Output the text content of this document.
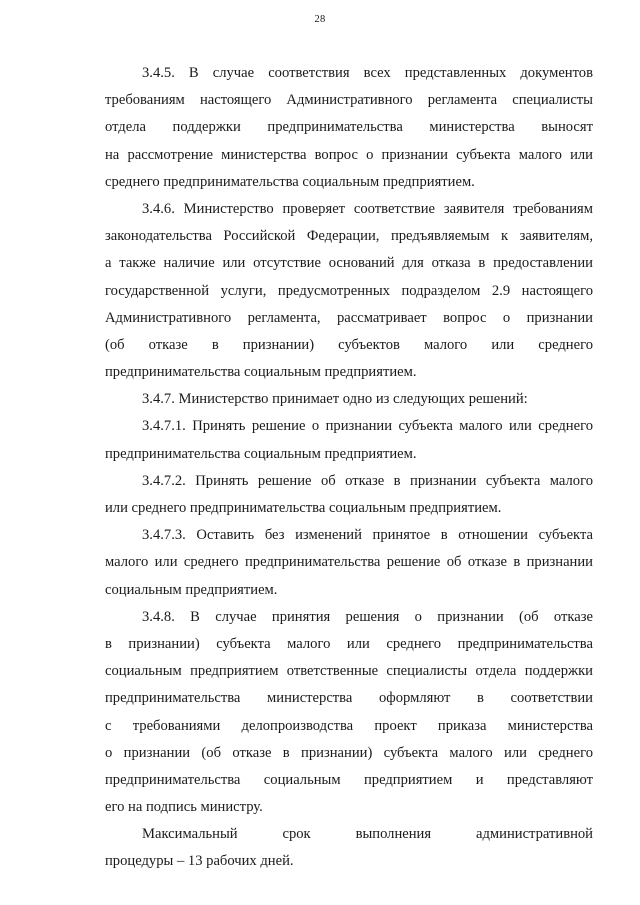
28
3.4.5. В случае соответствия всех представленных документов
требованиям настоящего Административного регламента специалисты
отдела поддержки предпринимательства министерства выносят
на рассмотрение министерства вопрос о признании субъекта малого или
среднего предпринимательства социальным предприятием.
3.4.6. Министерство проверяет соответствие заявителя требованиям
законодательства Российской Федерации, предъявляемым к заявителям,
а также наличие или отсутствие оснований для отказа в предоставлении
государственной услуги, предусмотренных подразделом 2.9 настоящего
Административного регламента, рассматривает вопрос о признании
(об отказе в признании) субъектов малого или среднего
предпринимательства социальным предприятием.
3.4.7. Министерство принимает одно из следующих решений:
3.4.7.1. Принять решение о признании субъекта малого или среднего
предпринимательства социальным предприятием.
3.4.7.2. Принять решение об отказе в признании субъекта малого
или среднего предпринимательства социальным предприятием.
3.4.7.3. Оставить без изменений принятое в отношении субъекта
малого или среднего предпринимательства решение об отказе в признании
социальным предприятием.
3.4.8. В случае принятия решения о признании (об отказе
в признании) субъекта малого или среднего предпринимательства
социальным предприятием ответственные специалисты отдела поддержки
предпринимательства министерства оформляют в соответствии
с требованиями делопроизводства проект приказа министерства
о признании (об отказе в признании) субъекта малого или среднего
предпринимательства социальным предприятием и представляют
его на подпись министру.
Максимальный срок выполнения административной
процедуры – 13 рабочих дней.
